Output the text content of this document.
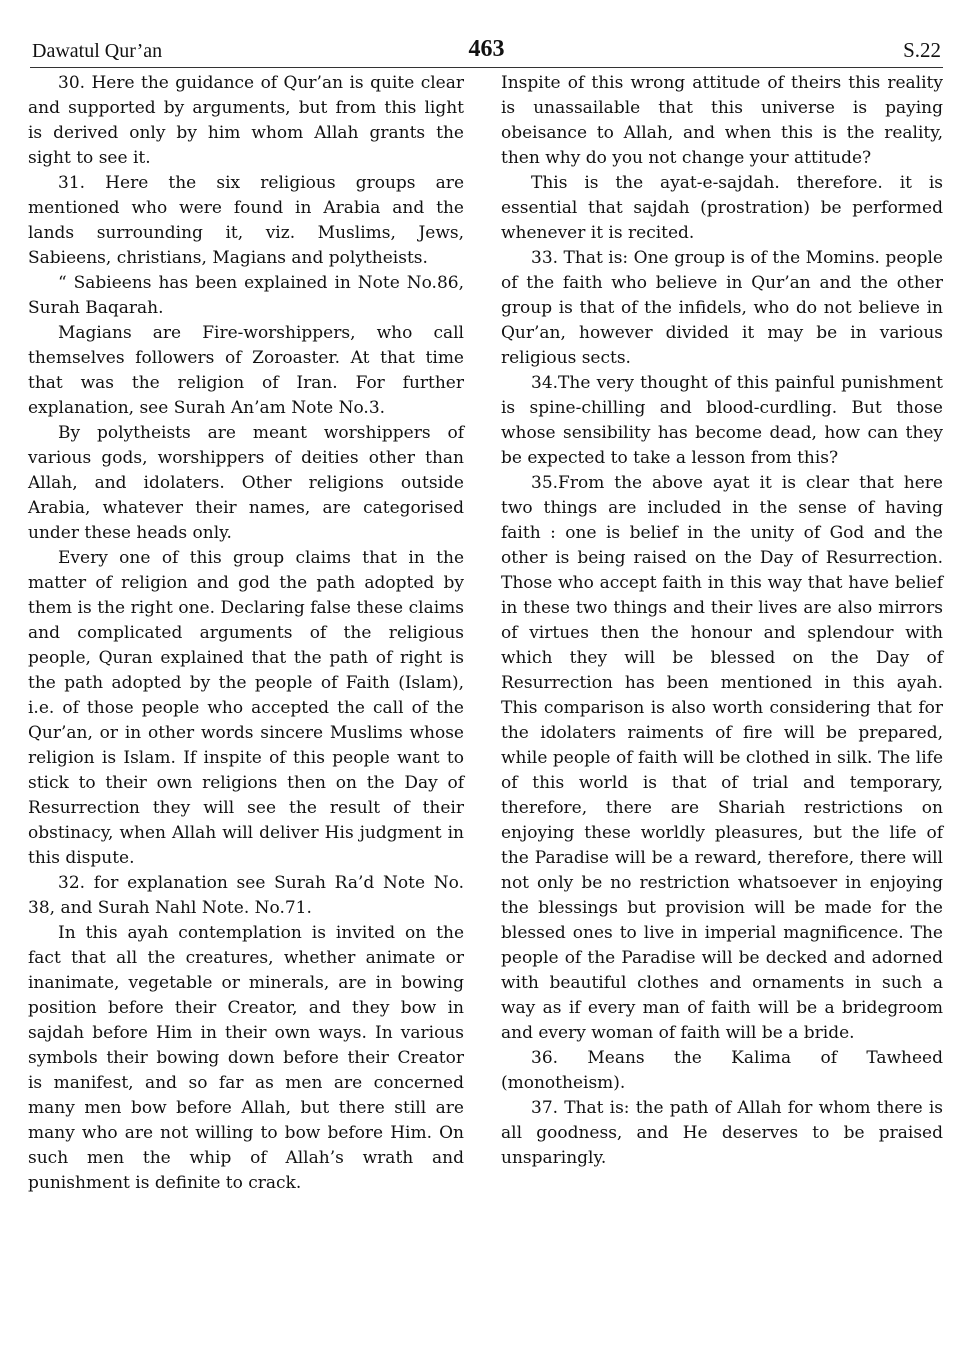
Dawatul Qur’an	463	S.22

30. Here the guidance of Qur’an is quite clear and supported by arguments, but from this light is derived only by him whom Allah grants the sight to see it.

31. Here the six religious groups are mentioned who were found in Arabia and the lands surrounding it, viz. Muslims, Jews, Sabieens, christians, Magians and polytheists.

“ Sabieens has been explained in Note No.86, Surah Baqarah.

Magians are Fire-worshippers, who call themselves followers of Zoroaster. At that time that was the religion of Iran. For further explanation, see Surah An’am Note No.3.

By polytheists are meant worshippers of various gods, worshippers of deities other than Allah, and idolaters. Other religions outside Arabia, whatever their names, are categorised under these heads only.

Every one of this group claims that in the matter of religion and god the path adopted by them is the right one. Declaring false these claims and complicated arguments of the religious people, Quran explained that the path of right is the path adopted by the people of Faith (Islam), i.e. of those people who accepted the call of the Qur’an, or in other words sincere Muslims whose religion is Islam. If inspite of this people want to stick to their own religions then on the Day of Resurrection they will see the result of their obstinacy, when Allah will deliver His judgment in this dispute.

32. for explanation see Surah Ra’d Note No. 38, and Surah Nahl Note. No.71.

In this ayah contemplation is invited on the fact that all the creatures, whether animate or inanimate, vegetable or minerals, are in bowing position before their Creator, and they bow in sajdah before Him in their own ways. In various symbols their bowing down before their Creator is manifest, and so far as men are concerned many men bow before Allah, but there still are many who are not willing to bow before Him. On such men the whip of Allah’s wrath and punishment is definite to crack.

Inspite of this wrong attitude of theirs this reality is unassailable that this universe is paying obeisance to Allah, and when this is the reality, then why do you not change your attitude?

This is the ayat-e-sajdah. therefore. it is essential that sajdah (prostration) be performed whenever it is recited.

33. That is: One group is of the Momins. people of the faith who believe in Qur’an and the other group is that of the infidels, who do not believe in Qur’an, however divided it may be in various religious sects.

34.The very thought of this painful punishment is spine-chilling and blood-curdling. But those whose sensibility has become dead, how can they be expected to take a lesson from this?

35.From the above ayat it is clear that here two things are included in the sense of having faith : one is belief in the unity of God and the other is being raised on the Day of Resurrection. Those who accept faith in this way that have belief in these two things and their lives are also mirrors of virtues then the honour and splendour with which they will be blessed on the Day of Resurrection has been mentioned in this ayah. This comparison is also worth considering that for the idolaters raiments of fire will be prepared, while people of faith will be clothed in silk. The life of this world is that of trial and temporary, therefore, there are Shariah restrictions on enjoying these worldly pleasures, but the life of the Paradise will be a reward, therefore, there will not only be no restriction whatsoever in enjoying the blessings but provision will be made for the blessed ones to live in imperial magnificence. The people of the Paradise will be decked and adorned with beautiful clothes and ornaments in such a way as if every man of faith will be a bridegroom and every woman of faith will be a bride.

36. Means the Kalima of Tawheed (monotheism).

37. That is: the path of Allah for whom there is all goodness, and He deserves to be praised unsparingly.
